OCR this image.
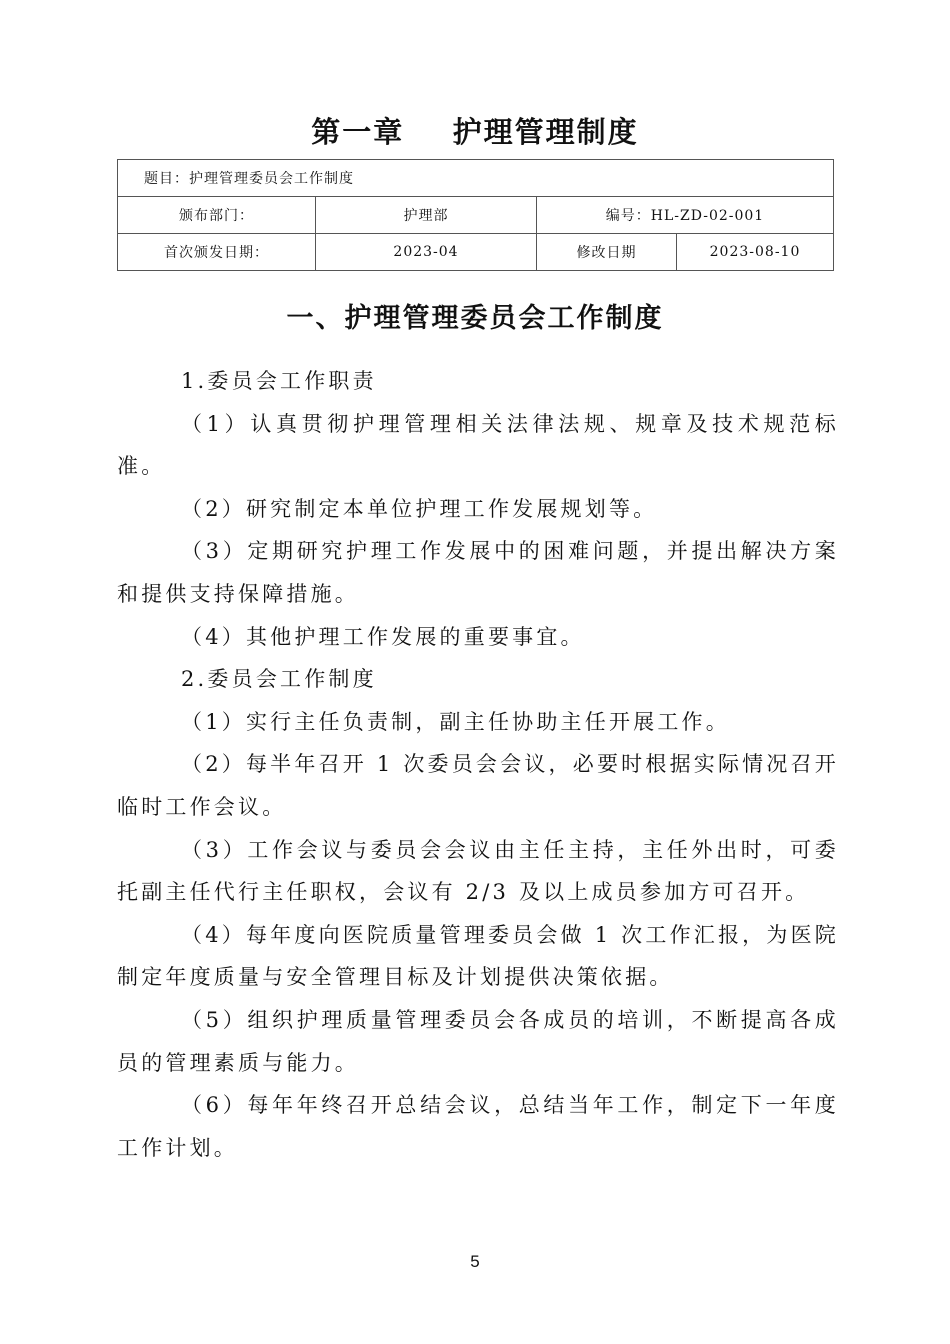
第一章    护理管理制度
题目：护理管理委员会工作制度			
颁布部门：	护理部	编号：HL-ZD-02-001	
首次颁发日期：	2023-04	修改日期	2023-08-10
一、护理管理委员会工作制度

1.委员会工作职责

（1）认真贯彻护理管理相关法律法规、规章及技术规范标准。

（2）研究制定本单位护理工作发展规划等。

（3）定期研究护理工作发展中的困难问题，并提出解决方案和提供支持保障措施。

（4）其他护理工作发展的重要事宜。

2.委员会工作制度

（1）实行主任负责制，副主任协助主任开展工作。

（2）每半年召开 1 次委员会会议，必要时根据实际情况召开临时工作会议。

（3）工作会议与委员会会议由主任主持，主任外出时，可委托副主任代行主任职权，会议有 2/3 及以上成员参加方可召开。

（4）每年度向医院质量管理委员会做 1 次工作汇报，为医院制定年度质量与安全管理目标及计划提供决策依据。

（5）组织护理质量管理委员会各成员的培训，不断提高各成员的管理素质与能力。

（6）每年年终召开总结会议，总结当年工作，制定下一年度工作计划。

5
